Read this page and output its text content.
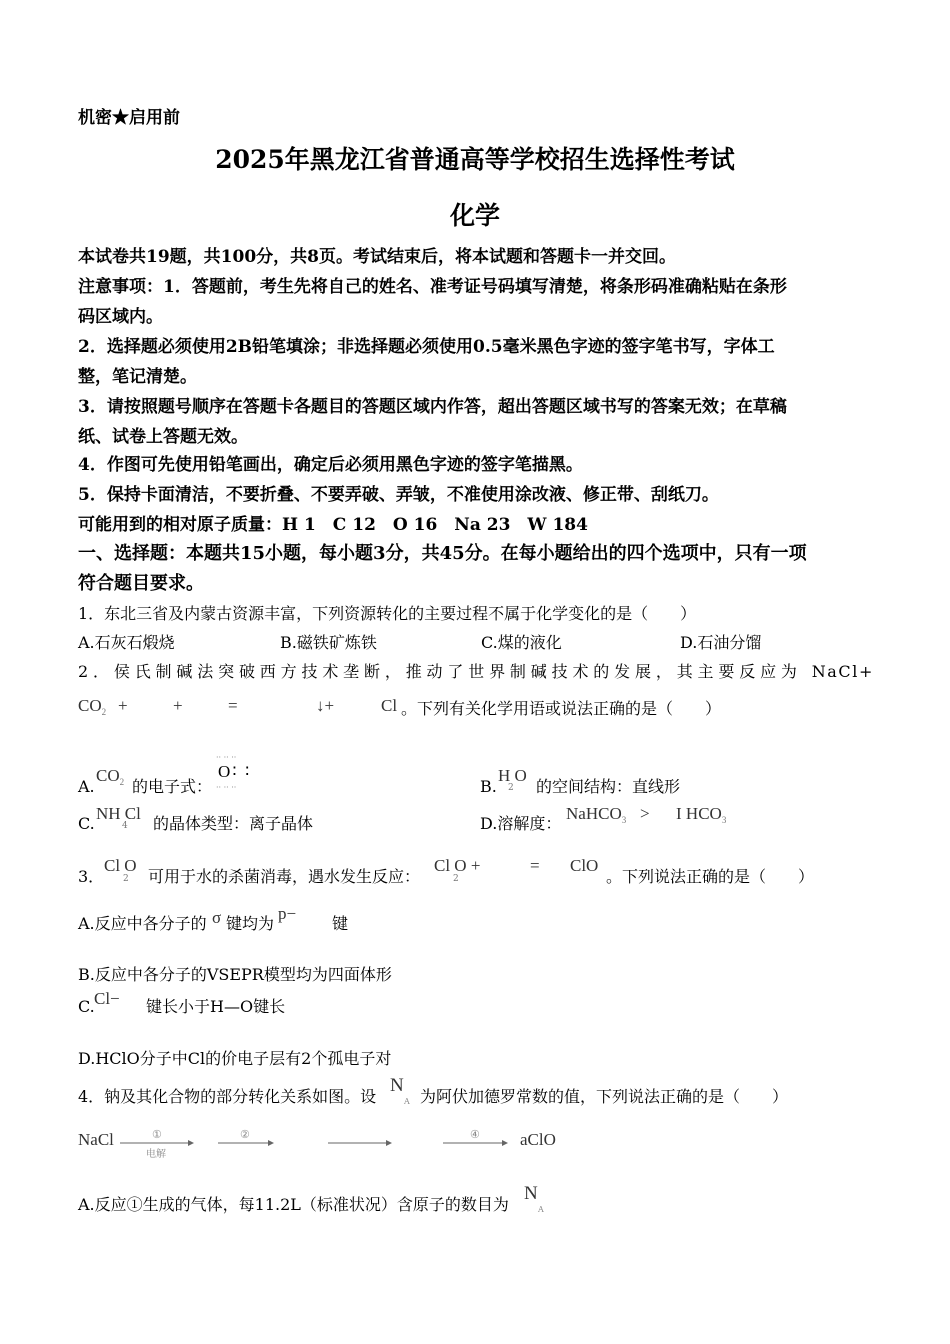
机密★启用前
2025年黑龙江省普通高等学校招生选择性考试
化学
本试卷共19题，共100分，共8页。考试结束后，将本试题和答题卡一并交回。
注意事项：1．答题前，考生先将自己的姓名、准考证号码填写清楚，将条形码准确粘贴在条形
码区域内。
2．选择题必须使用2B铅笔填涂；非选择题必须使用0.5毫米黑色字迹的签字笔书写，字体工
整，笔记清楚。
3．请按照题号顺序在答题卡各题目的答题区域内作答，超出答题区域书写的答案无效；在草稿
纸、试卷上答题无效。
4．作图可先使用铅笔画出，确定后必须用黑色字迹的签字笔描黑。
5．保持卡面清洁，不要折叠、不要弄破、弄皱，不准使用涂改液、修正带、刮纸刀。
可能用到的相对原子质量：H 1　C 12　O 16　Na 23　W 184
一、选择题：本题共15小题，每小题3分，共45分。在每小题给出的四个选项中，只有一项
符合题目要求。
1．东北三省及内蒙古资源丰富，下列资源转化的主要过程不属于化学变化的是（　　）
A.石灰石煅烧	B.磁铁矿炼铁	C.煤的液化	D.石油分馏
2．侯氏制碱法突破西方技术垄断，推动了世界制碱技术的发展，其主要反应为 NaCl+
$CO_2$ +	+	=	↓+	Cl 。下列有关化学用语或说法正确的是（　　）
A.
$CO_2$ 的电子式：
·· ·· ··
O∶ ∶
·· ·· ··	B.
H O
2 的空间结构：直线形
C.
NH Cl
4 的晶体类型：离子晶体	D.溶解度：
NaHCO$_3$ > I $HCO_3$
3．
Cl O
2 可用于水的杀菌消毒，遇水发生反应：
Cl O +
2
= ClO
。下列说法正确的是（　　）
A.反应中各分子的 σ 键均为
p−
键
B.反应中各分子的VSEPR模型均为四面体形
C. Cl− 键长小于H—O键长
D.HClO分子中Cl的价电子层有2个孤电子对
4．钠及其化合物的部分转化关系如图。设
N
A 为阿伏加德罗常数的值，下列说法正确的是（　　）
NaCl	①
电解
②	④ aClO
A.反应①生成的气体，每11.2L（标准状况）含原子的数目为
N
A
